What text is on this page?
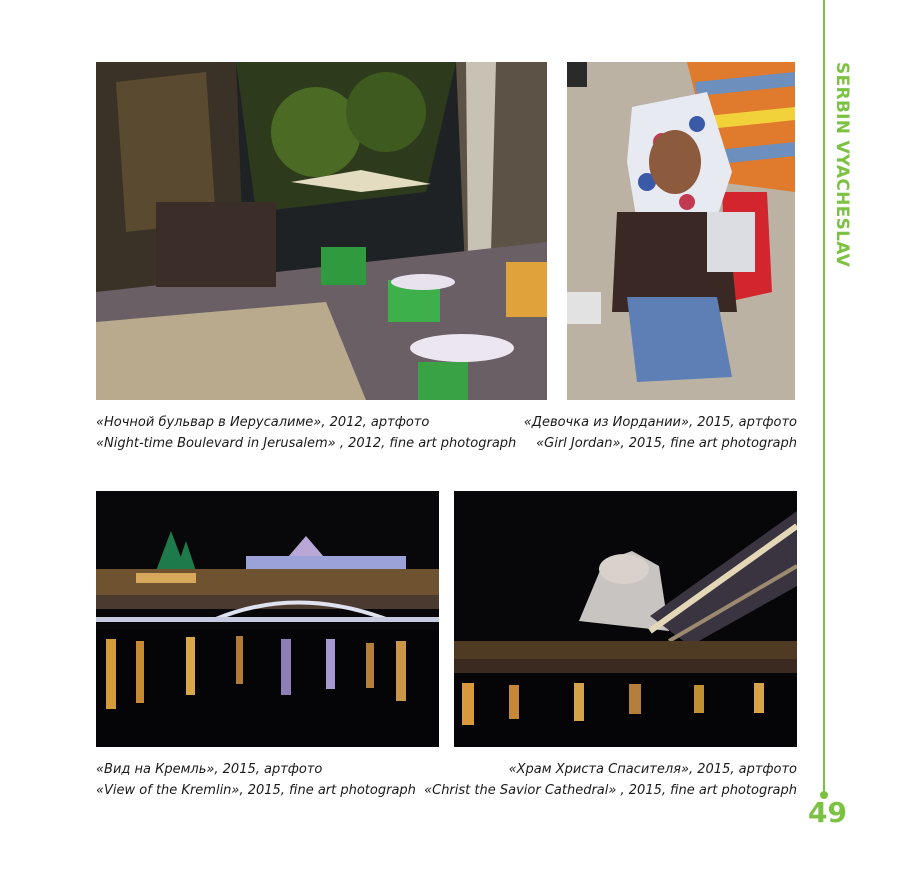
«Ночной бульвар в Иерусалиме», 2012, артфото
«Night-time Boulevard in Jerusalem» , 2012, fine art photograph
«Девочка из Иордании», 2015, артфото
«Girl Jordan», 2015, fine art photograph
«Вид на Кремль», 2015, артфото
«View of the Kremlin», 2015, fine art photograph
«Храм Христа Спасителя», 2015, артфото
«Christ the Savior Cathedral» , 2015, fine art photograph
SERBIN VYACHESLAV
49
